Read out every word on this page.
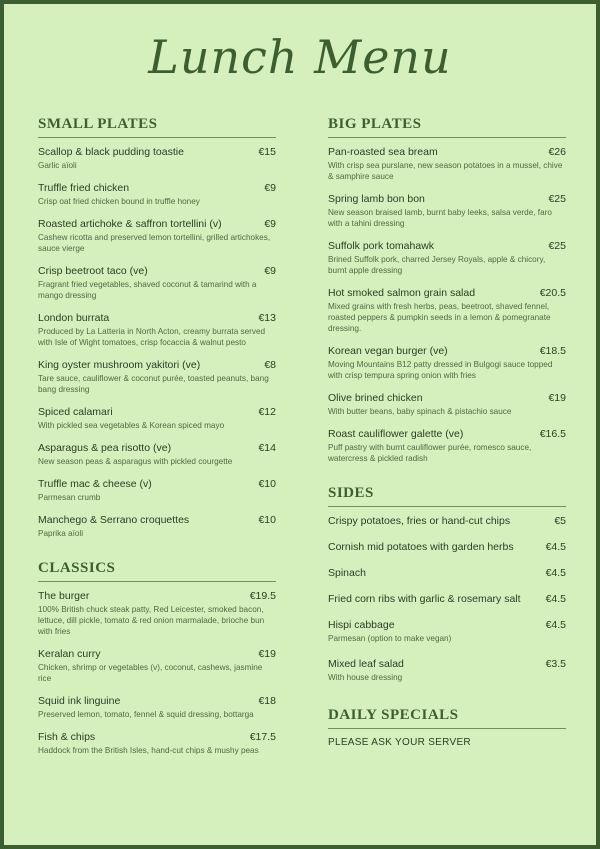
Lunch Menu
SMALL PLATES
Scallop & black pudding toastie	€15
Garlic aïoli
Truffle fried chicken	€9
Crisp oat fried chicken bound in truffle honey
Roasted artichoke & saffron tortellini (v)	€9
Cashew ricotta and preserved lemon tortellini, grilled artichokes, sauce vierge
Crisp beetroot taco (ve)	€9
Fragrant fried vegetables, shaved coconut & tamarind with a mango dressing
London burrata	€13
Produced by La Latteria in North Acton, creamy burrata served with Isle of Wight tomatoes, crisp focaccia & walnut pesto
King oyster mushroom yakitori (ve)	€8
Tare sauce, cauliflower & coconut purée, toasted peanuts, bang bang dressing
Spiced calamari	€12
With pickled sea vegetables & Korean spiced mayo
Asparagus & pea risotto (ve)	€14
New season peas & asparagus with pickled courgette
Truffle mac & cheese (v)	€10
Parmesan crumb
Manchego & Serrano croquettes	€10
Paprika aïoli
CLASSICS
The burger	€19.5
100% British chuck steak patty, Red Leicester, smoked bacon, lettuce, dill pickle, tomato & red onion marmalade, brioche bun with fries
Keralan curry	€19
Chicken, shrimp or vegetables (v), coconut, cashews, jasmine rice
Squid ink linguine	€18
Preserved lemon, tomato, fennel & squid dressing, bottarga
Fish & chips	€17.5
Haddock from the British Isles, hand-cut chips & mushy peas
BIG PLATES
Pan-roasted sea bream	€26
With crisp sea purslane, new season potatoes in a mussel, chive & samphire sauce
Spring lamb bon bon	€25
New season braised lamb, burnt baby leeks, salsa verde, faro with a tahini dressing
Suffolk pork tomahawk	€25
Brined Suffolk pork, charred Jersey Royals, apple & chicory, burnt apple dressing
Hot smoked salmon grain salad	€20.5
Mixed grains with fresh herbs, peas, beetroot, shaved fennel, roasted peppers & pumpkin seeds in a lemon & pomegranate dressing.
Korean vegan burger (ve)	€18.5
Moving Mountains B12 patty dressed in Bulgogi sauce topped with crisp tempura spring onion with fries
Olive brined chicken	€19
With butter beans, baby spinach & pistachio sauce
Roast cauliflower galette (ve)	€16.5
Puff pastry with burnt cauliflower purée, romesco sauce, watercress & pickled radish
SIDES
Crispy potatoes, fries or hand-cut chips	€5
Cornish mid potatoes with garden herbs	€4.5
Spinach	€4.5
Fried corn ribs with garlic & rosemary salt €4.5
Hispi cabbage	€4.5
Parmesan (option to make vegan)
Mixed leaf salad	€3.5
With house dressing
DAILY SPECIALS
PLEASE ASK YOUR SERVER
